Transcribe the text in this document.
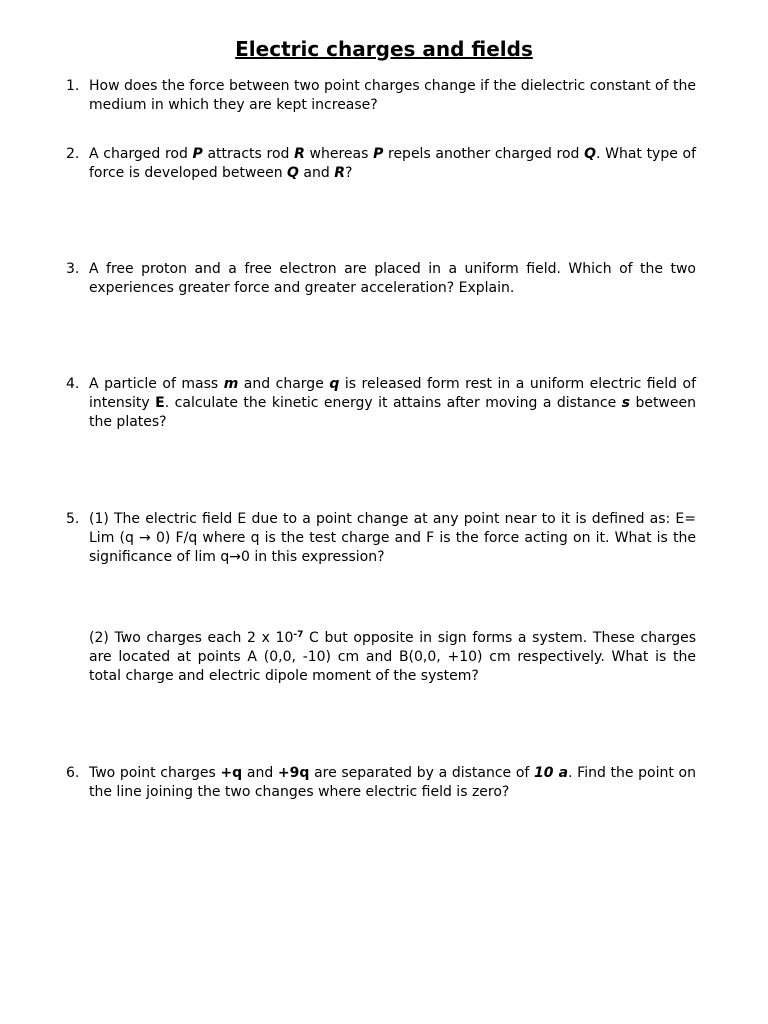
Electric charges and fields
1. How does the force between two point charges change if the dielectric constant of the medium in which they are kept increase?
2. A charged rod P attracts rod R whereas P repels another charged rod Q. What type of force is developed between Q and R?
3. A free proton and a free electron are placed in a uniform field. Which of the two experiences greater force and greater acceleration? Explain.
4. A particle of mass m and charge q is released form rest in a uniform electric field of intensity E. calculate the kinetic energy it attains after moving a distance s between the plates?
5. (1) The electric field E due to a point change at any point near to it is defined as: E= Lim (q → 0) F/q where q is the test charge and F is the force acting on it. What is the significance of lim q→0 in this expression?
(2) Two charges each 2 x $10^{-7}$ C but opposite in sign forms a system. These charges are located at points A (0,0, -10) cm and B(0,0, +10) cm respectively. What is the total charge and electric dipole moment of the system?
6. Two point charges +q and +9q are separated by a distance of 10 a. Find the point on the line joining the two changes where electric field is zero?
